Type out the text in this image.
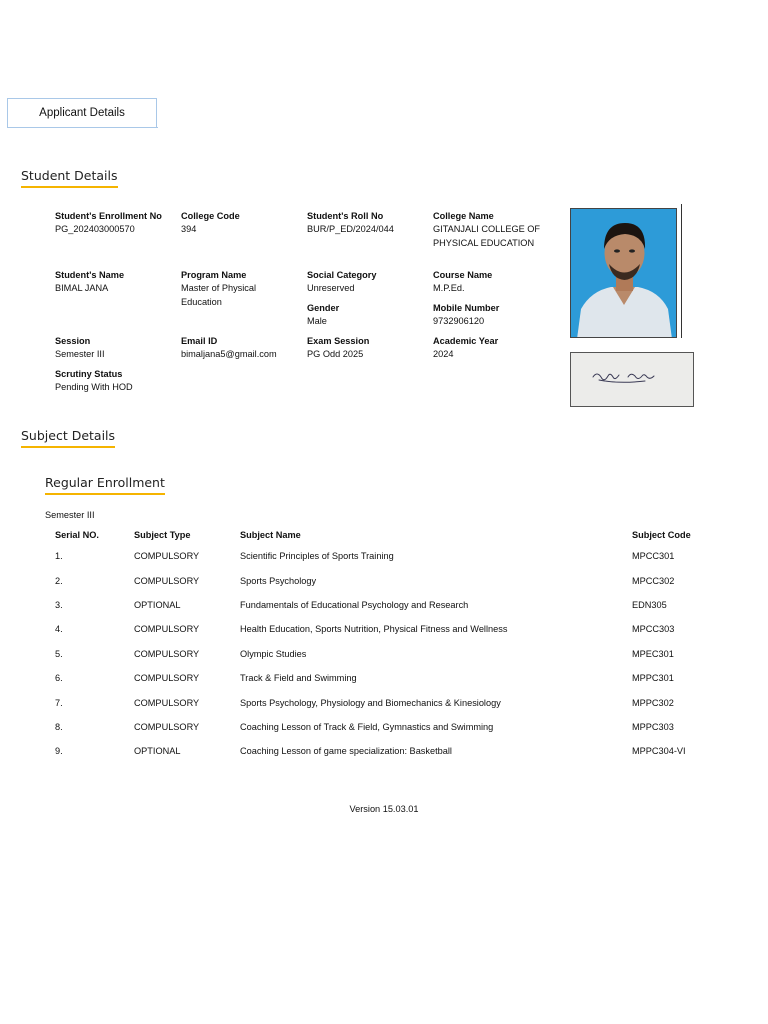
Applicant Details
Student Details
Student's Enrollment No
PG_202403000570
College Code
394
Student's Roll No
BUR/P_ED/2024/044
College Name
GITANJALI COLLEGE OF PHYSICAL EDUCATION
Student's Name
BIMAL JANA
Program Name
Master of Physical Education
Social Category
Unreserved
Course Name
M.P.Ed.
Gender
Male
Mobile Number
9732906120
Session
Semester III
Email ID
bimaljana5@gmail.com
Exam Session
PG Odd 2025
Academic Year
2024
Scrutiny Status
Pending With HOD
Subject Details
Regular Enrollment
Semester III
Serial NO.	Subject Type	Subject Name	Subject Code
1.	COMPULSORY	Scientific Principles of Sports Training	MPCC301
2.	COMPULSORY	Sports Psychology	MPCC302
3.	OPTIONAL	Fundamentals of Educational Psychology and Research	EDN305
4.	COMPULSORY	Health Education, Sports Nutrition, Physical Fitness and Wellness	MPCC303
5.	COMPULSORY	Olympic Studies	MPEC301
6.	COMPULSORY	Track & Field and Swimming	MPPC301
7.	COMPULSORY	Sports Psychology, Physiology and Biomechanics & Kinesiology	MPPC302
8.	COMPULSORY	Coaching Lesson of Track & Field, Gymnastics and Swimming	MPPC303
9.	OPTIONAL	Coaching Lesson of game specialization: Basketball	MPPC304-VI
Version 15.03.01
